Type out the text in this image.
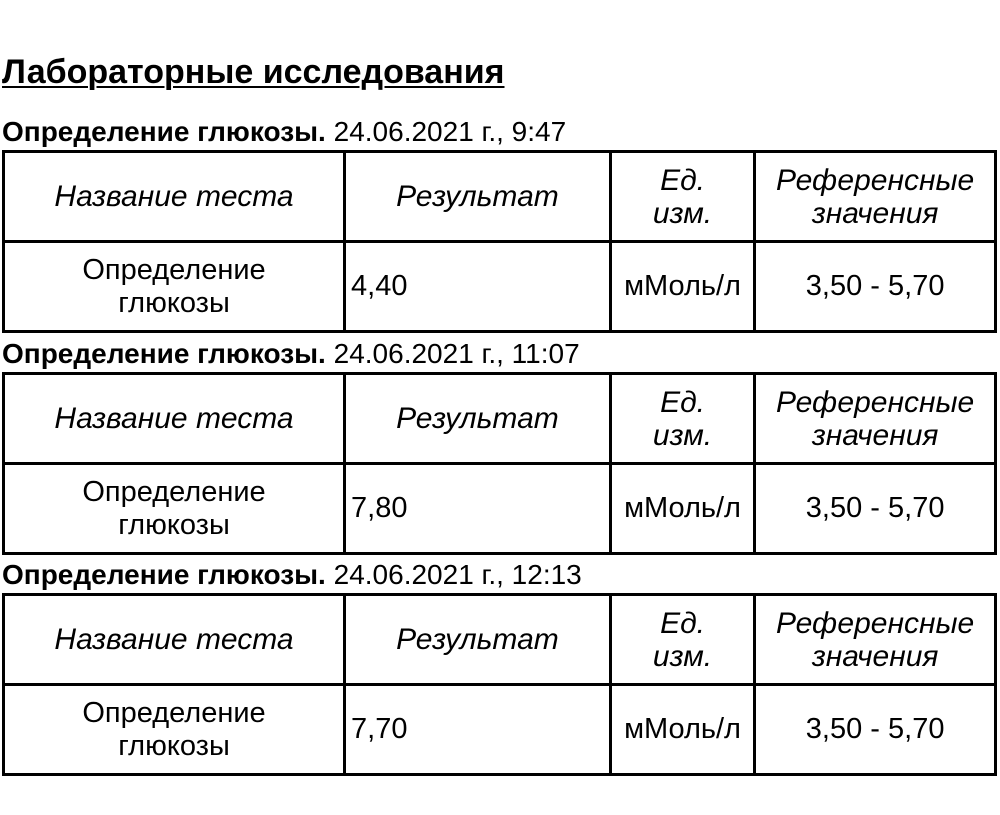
Лабораторные исследования
Определение глюкозы. 24.06.2021 г., 9:47
Название теста	Результат	Ед. изм.	Референсные значения
Определение глюкозы	4,40	мМоль/л	3,50 - 5,70
Определение глюкозы. 24.06.2021 г., 11:07
Название теста	Результат	Ед. изм.	Референсные значения
Определение глюкозы	7,80	мМоль/л	3,50 - 5,70
Определение глюкозы. 24.06.2021 г., 12:13
Название теста	Результат	Ед. изм.	Референсные значения
Определение глюкозы	7,70	мМоль/л	3,50 - 5,70
